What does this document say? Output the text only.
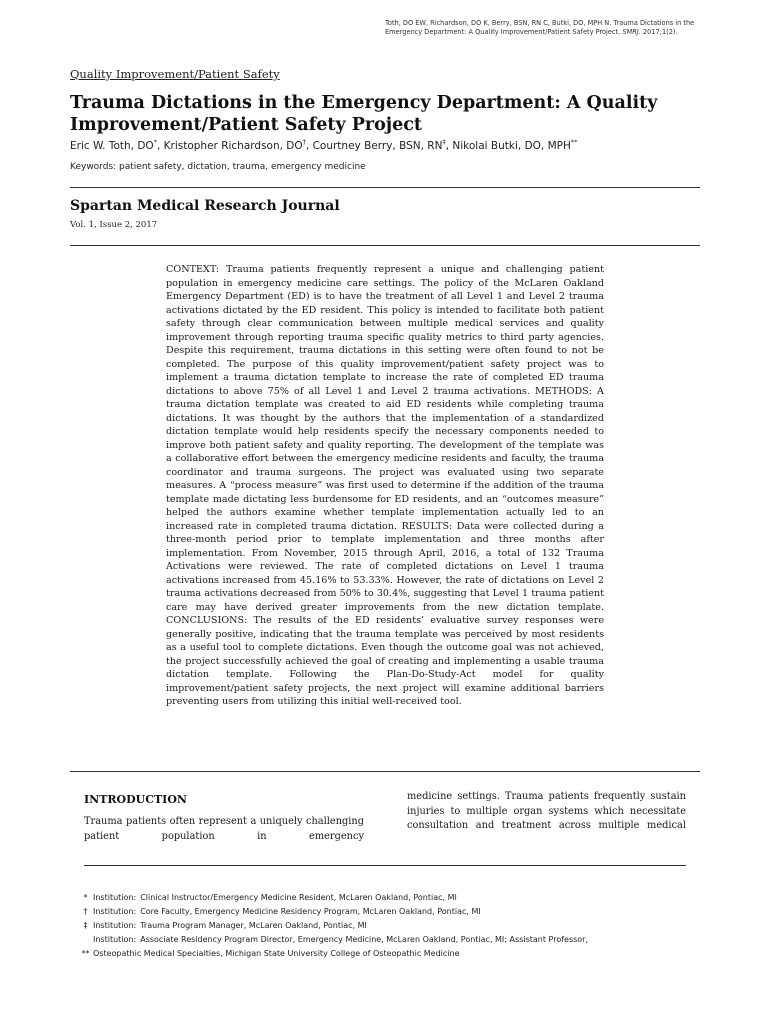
Toth, DO EW, Richardson, DO K, Berry, BSN, RN C, Butki, DO, MPH N. Trauma Dictations in the Emergency Department: A Quality Improvement/Patient Safety Project. SMRJ. 2017;1(2).
Quality Improvement/Patient Safety
Trauma Dictations in the Emergency Department: A Quality Improvement/Patient Safety Project
Eric W. Toth, DO*, Kristopher Richardson, DO†, Courtney Berry, BSN, RN‡, Nikolai Butki, DO, MPH**
Keywords: patient safety, dictation, trauma, emergency medicine
Spartan Medical Research Journal
Vol. 1, Issue 2, 2017
CONTEXT: Trauma patients frequently represent a unique and challenging patient population in emergency medicine care settings. The policy of the McLaren Oakland Emergency Department (ED) is to have the treatment of all Level 1 and Level 2 trauma activations dictated by the ED resident. This policy is intended to facilitate both patient safety through clear communication between multiple medical services and quality improvement through reporting trauma specific quality metrics to third party agencies. Despite this requirement, trauma dictations in this setting were often found to not be completed. The purpose of this quality improvement/patient safety project was to implement a trauma dictation template to increase the rate of completed ED trauma dictations to above 75% of all Level 1 and Level 2 trauma activations. METHODS: A trauma dictation template was created to aid ED residents while completing trauma dictations. It was thought by the authors that the implementation of a standardized dictation template would help residents specify the necessary components needed to improve both patient safety and quality reporting. The development of the template was a collaborative effort between the emergency medicine residents and faculty, the trauma coordinator and trauma surgeons. The project was evaluated using two separate measures. A “process measure” was first used to determine if the addition of the trauma template made dictating less burdensome for ED residents, and an “outcomes measure” helped the authors examine whether template implementation actually led to an increased rate in completed trauma dictation. RESULTS: Data were collected during a three-month period prior to template implementation and three months after implementation. From November, 2015 through April, 2016, a total of 132 Trauma Activations were reviewed. The rate of completed dictations on Level 1 trauma activations increased from 45.16% to 53.33%. However, the rate of dictations on Level 2 trauma activations decreased from 50% to 30.4%, suggesting that Level 1 trauma patient care may have derived greater improvements from the new dictation template. CONCLUSIONS: The results of the ED residents’ evaluative survey responses were generally positive, indicating that the trauma template was perceived by most residents as a useful tool to complete dictations. Even though the outcome goal was not achieved, the project successfully achieved the goal of creating and implementing a usable trauma dictation template. Following the Plan-Do-Study-Act model for quality improvement/patient safety projects, the next project will examine additional barriers preventing users from utilizing this initial well-received tool.
INTRODUCTION

Trauma patients often represent a uniquely challenging patient population in emergency

medicine settings. Trauma patients frequently sustain injuries to multiple organ systems which necessitate consultation and treatment across multiple medical

* Institution: Clinical Instructor/Emergency Medicine Resident, McLaren Oakland, Pontiac, MI
† Institution: Core Faculty, Emergency Medicine Residency Program, McLaren Oakland, Pontiac, MI
‡ Institution: Trauma Program Manager, McLaren Oakland, Pontiac, MI
Institution: Associate Residency Program Director, Emergency Medicine, McLaren Oakland, Pontiac, MI; Assistant Professor,
** Osteopathic Medical Specialties, Michigan State University College of Osteopathic Medicine
